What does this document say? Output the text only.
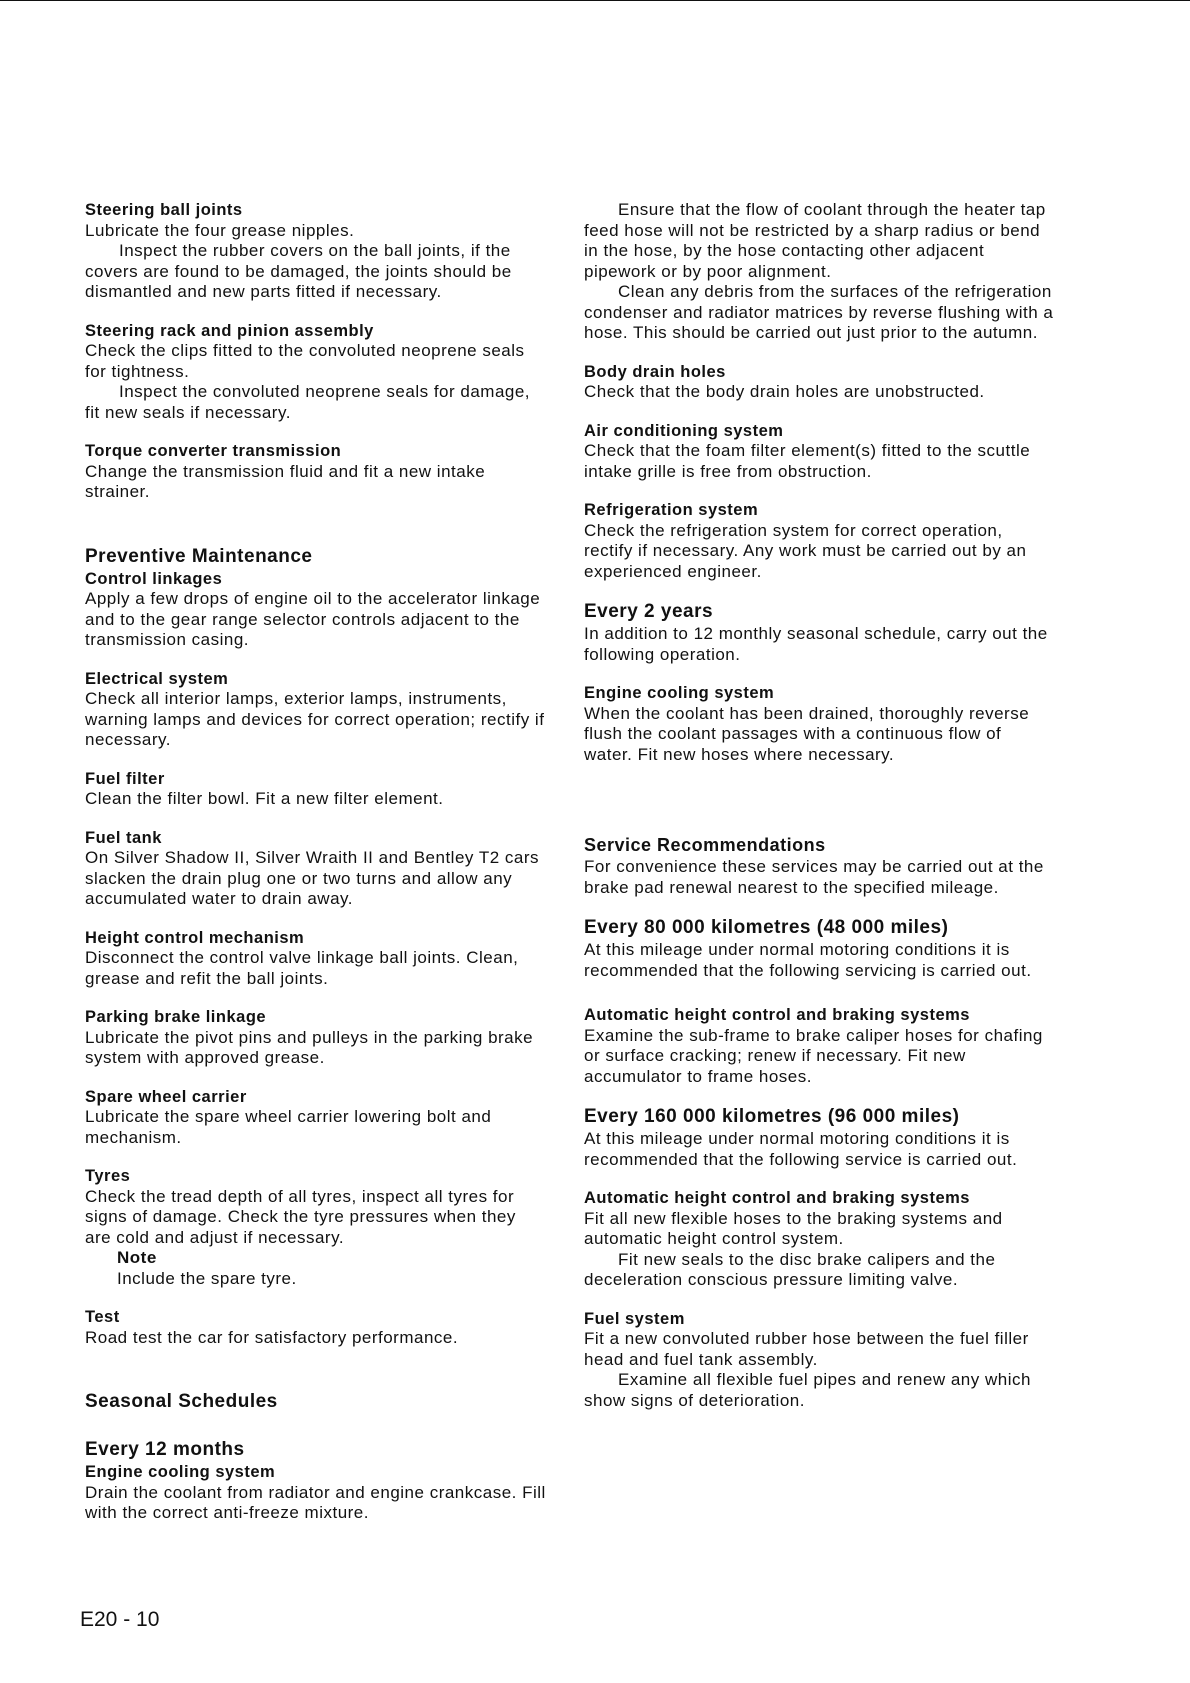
Steering ball joints

Lubricate the four grease nipples.

Inspect the rubber covers on the ball joints, if the covers are found to be damaged, the joints should be dismantled and new parts fitted if necessary.

Steering rack and pinion assembly

Check the clips fitted to the convoluted neoprene seals for tightness.

Inspect the convoluted neoprene seals for damage, fit new seals if necessary.

Torque converter transmission

Change the transmission fluid and fit a new intake strainer.

Preventive Maintenance
Control linkages

Apply a few drops of engine oil to the accelerator linkage and to the gear range selector controls adjacent to the transmission casing.

Electrical system

Check all interior lamps, exterior lamps, instruments, warning lamps and devices for correct operation; rectify if necessary.

Fuel filter

Clean the filter bowl. Fit a new filter element.

Fuel tank

On Silver Shadow II, Silver Wraith II and Bentley T2 cars slacken the drain plug one or two turns and allow any accumulated water to drain away.

Height control mechanism

Disconnect the control valve linkage ball joints. Clean, grease and refit the ball joints.

Parking brake linkage

Lubricate the pivot pins and pulleys in the parking brake system with approved grease.

Spare wheel carrier

Lubricate the spare wheel carrier lowering bolt and mechanism.

Tyres

Check the tread depth of all tyres, inspect all tyres for signs of damage. Check the tyre pressures when they are cold and adjust if necessary.

Note

Include the spare tyre.

Test

Road test the car for satisfactory performance.

Seasonal Schedules
Every 12 months
Engine cooling system

Drain the coolant from radiator and engine crankcase. Fill with the correct anti-freeze mixture.

Ensure that the flow of coolant through the heater tap feed hose will not be restricted by a sharp radius or bend in the hose, by the hose contacting other adjacent pipework or by poor alignment.

Clean any debris from the surfaces of the refrigeration condenser and radiator matrices by reverse flushing with a hose. This should be carried out just prior to the autumn.

Body drain holes

Check that the body drain holes are unobstructed.

Air conditioning system

Check that the foam filter element(s) fitted to the scuttle intake grille is free from obstruction.

Refrigeration system

Check the refrigeration system for correct operation, rectify if necessary. Any work must be carried out by an experienced engineer.

Every 2 years

In addition to 12 monthly seasonal schedule, carry out the following operation.

Engine cooling system

When the coolant has been drained, thoroughly reverse flush the coolant passages with a continuous flow of water. Fit new hoses where necessary.

Service Recommendations

For convenience these services may be carried out at the brake pad renewal nearest to the specified mileage.

Every 80 000 kilometres (48 000 miles)

At this mileage under normal motoring conditions it is recommended that the following servicing is carried out.

Automatic height control and braking systems

Examine the sub-frame to brake caliper hoses for chafing or surface cracking; renew if necessary. Fit new accumulator to frame hoses.

Every 160 000 kilometres (96 000 miles)

At this mileage under normal motoring conditions it is recommended that the following service is carried out.

Automatic height control and braking systems

Fit all new flexible hoses to the braking systems and automatic height control system.

Fit new seals to the disc brake calipers and the deceleration conscious pressure limiting valve.

Fuel system

Fit a new convoluted rubber hose between the fuel filler head and fuel tank assembly.

Examine all flexible fuel pipes and renew any which show signs of deterioration.

E20 - 10
